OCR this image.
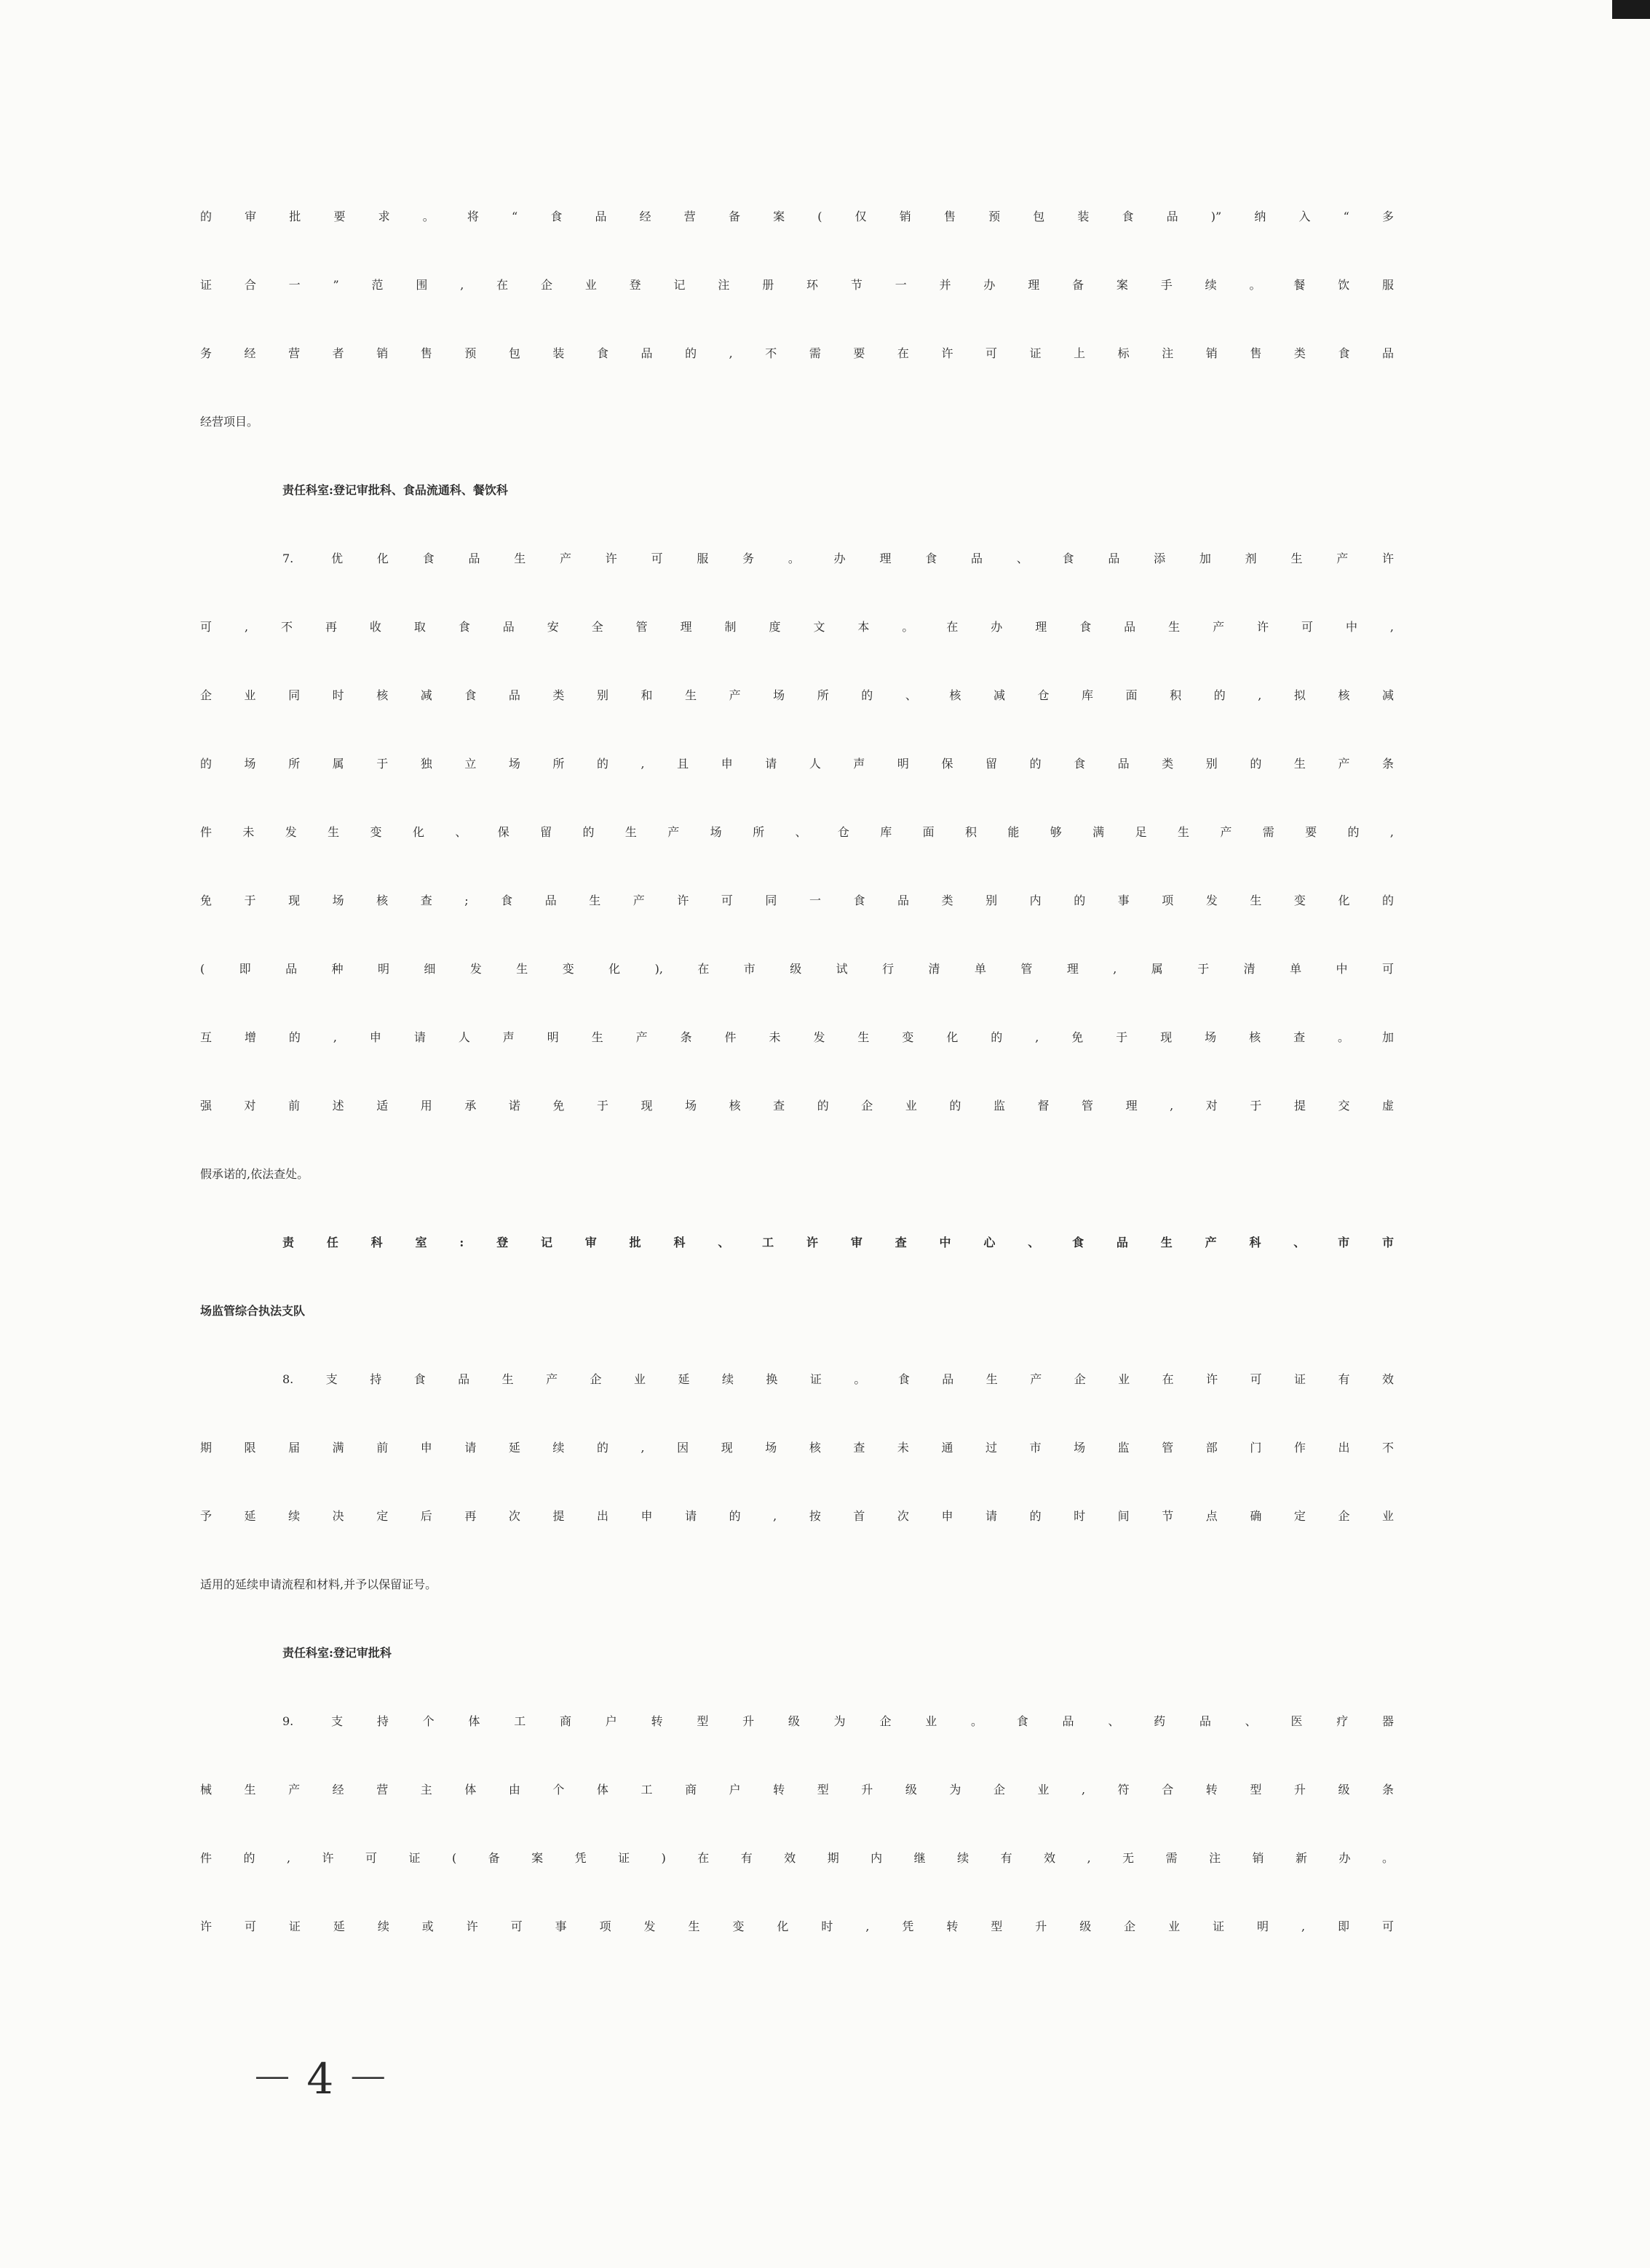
的审批要求。将“食品经营备案(仅销售预包装食品)”纳入“多
证合一”范围,在企业登记注册环节一并办理备案手续。餐饮服
务经营者销售预包装食品的,不需要在许可证上标注销售类食品
经营项目。
责任科室:登记审批科、食品流通科、餐饮科
7. 优化食品生产许可服务。办理食品、食品添加剂生产许
可,不再收取食品安全管理制度文本。在办理食品生产许可中,
企业同时核减食品类别和生产场所的、核减仓库面积的,拟核减
的场所属于独立场所的,且申请人声明保留的食品类别的生产条
件未发生变化、保留的生产场所、仓库面积能够满足生产需要的,
免于现场核查;食品生产许可同一食品类别内的事项发生变化的
(即品种明细发生变化),在市级试行清单管理,属于清单中可
互增的,申请人声明生产条件未发生变化的,免于现场核查。加
强对前述适用承诺免于现场核查的企业的监督管理,对于提交虚
假承诺的,依法查处。
责任科室:登记审批科、工许审查中心、食品生产科、市市
场监管综合执法支队
8.支持食品生产企业延续换证。食品生产企业在许可证有效
期限届满前申请延续的,因现场核查未通过市场监管部门作出不
予延续决定后再次提出申请的,按首次申请的时间节点确定企业
适用的延续申请流程和材料,并予以保留证号。
责任科室:登记审批科
9. 支持个体工商户转型升级为企业。食品、药品、医疗器
械生产经营主体由个体工商户转型升级为企业,符合转型升级条
件的,许可证(备案凭证)在有效期内继续有效,无需注销新办。
许可证延续或许可事项发生变化时,凭转型升级企业证明,即可
－ 4 －
